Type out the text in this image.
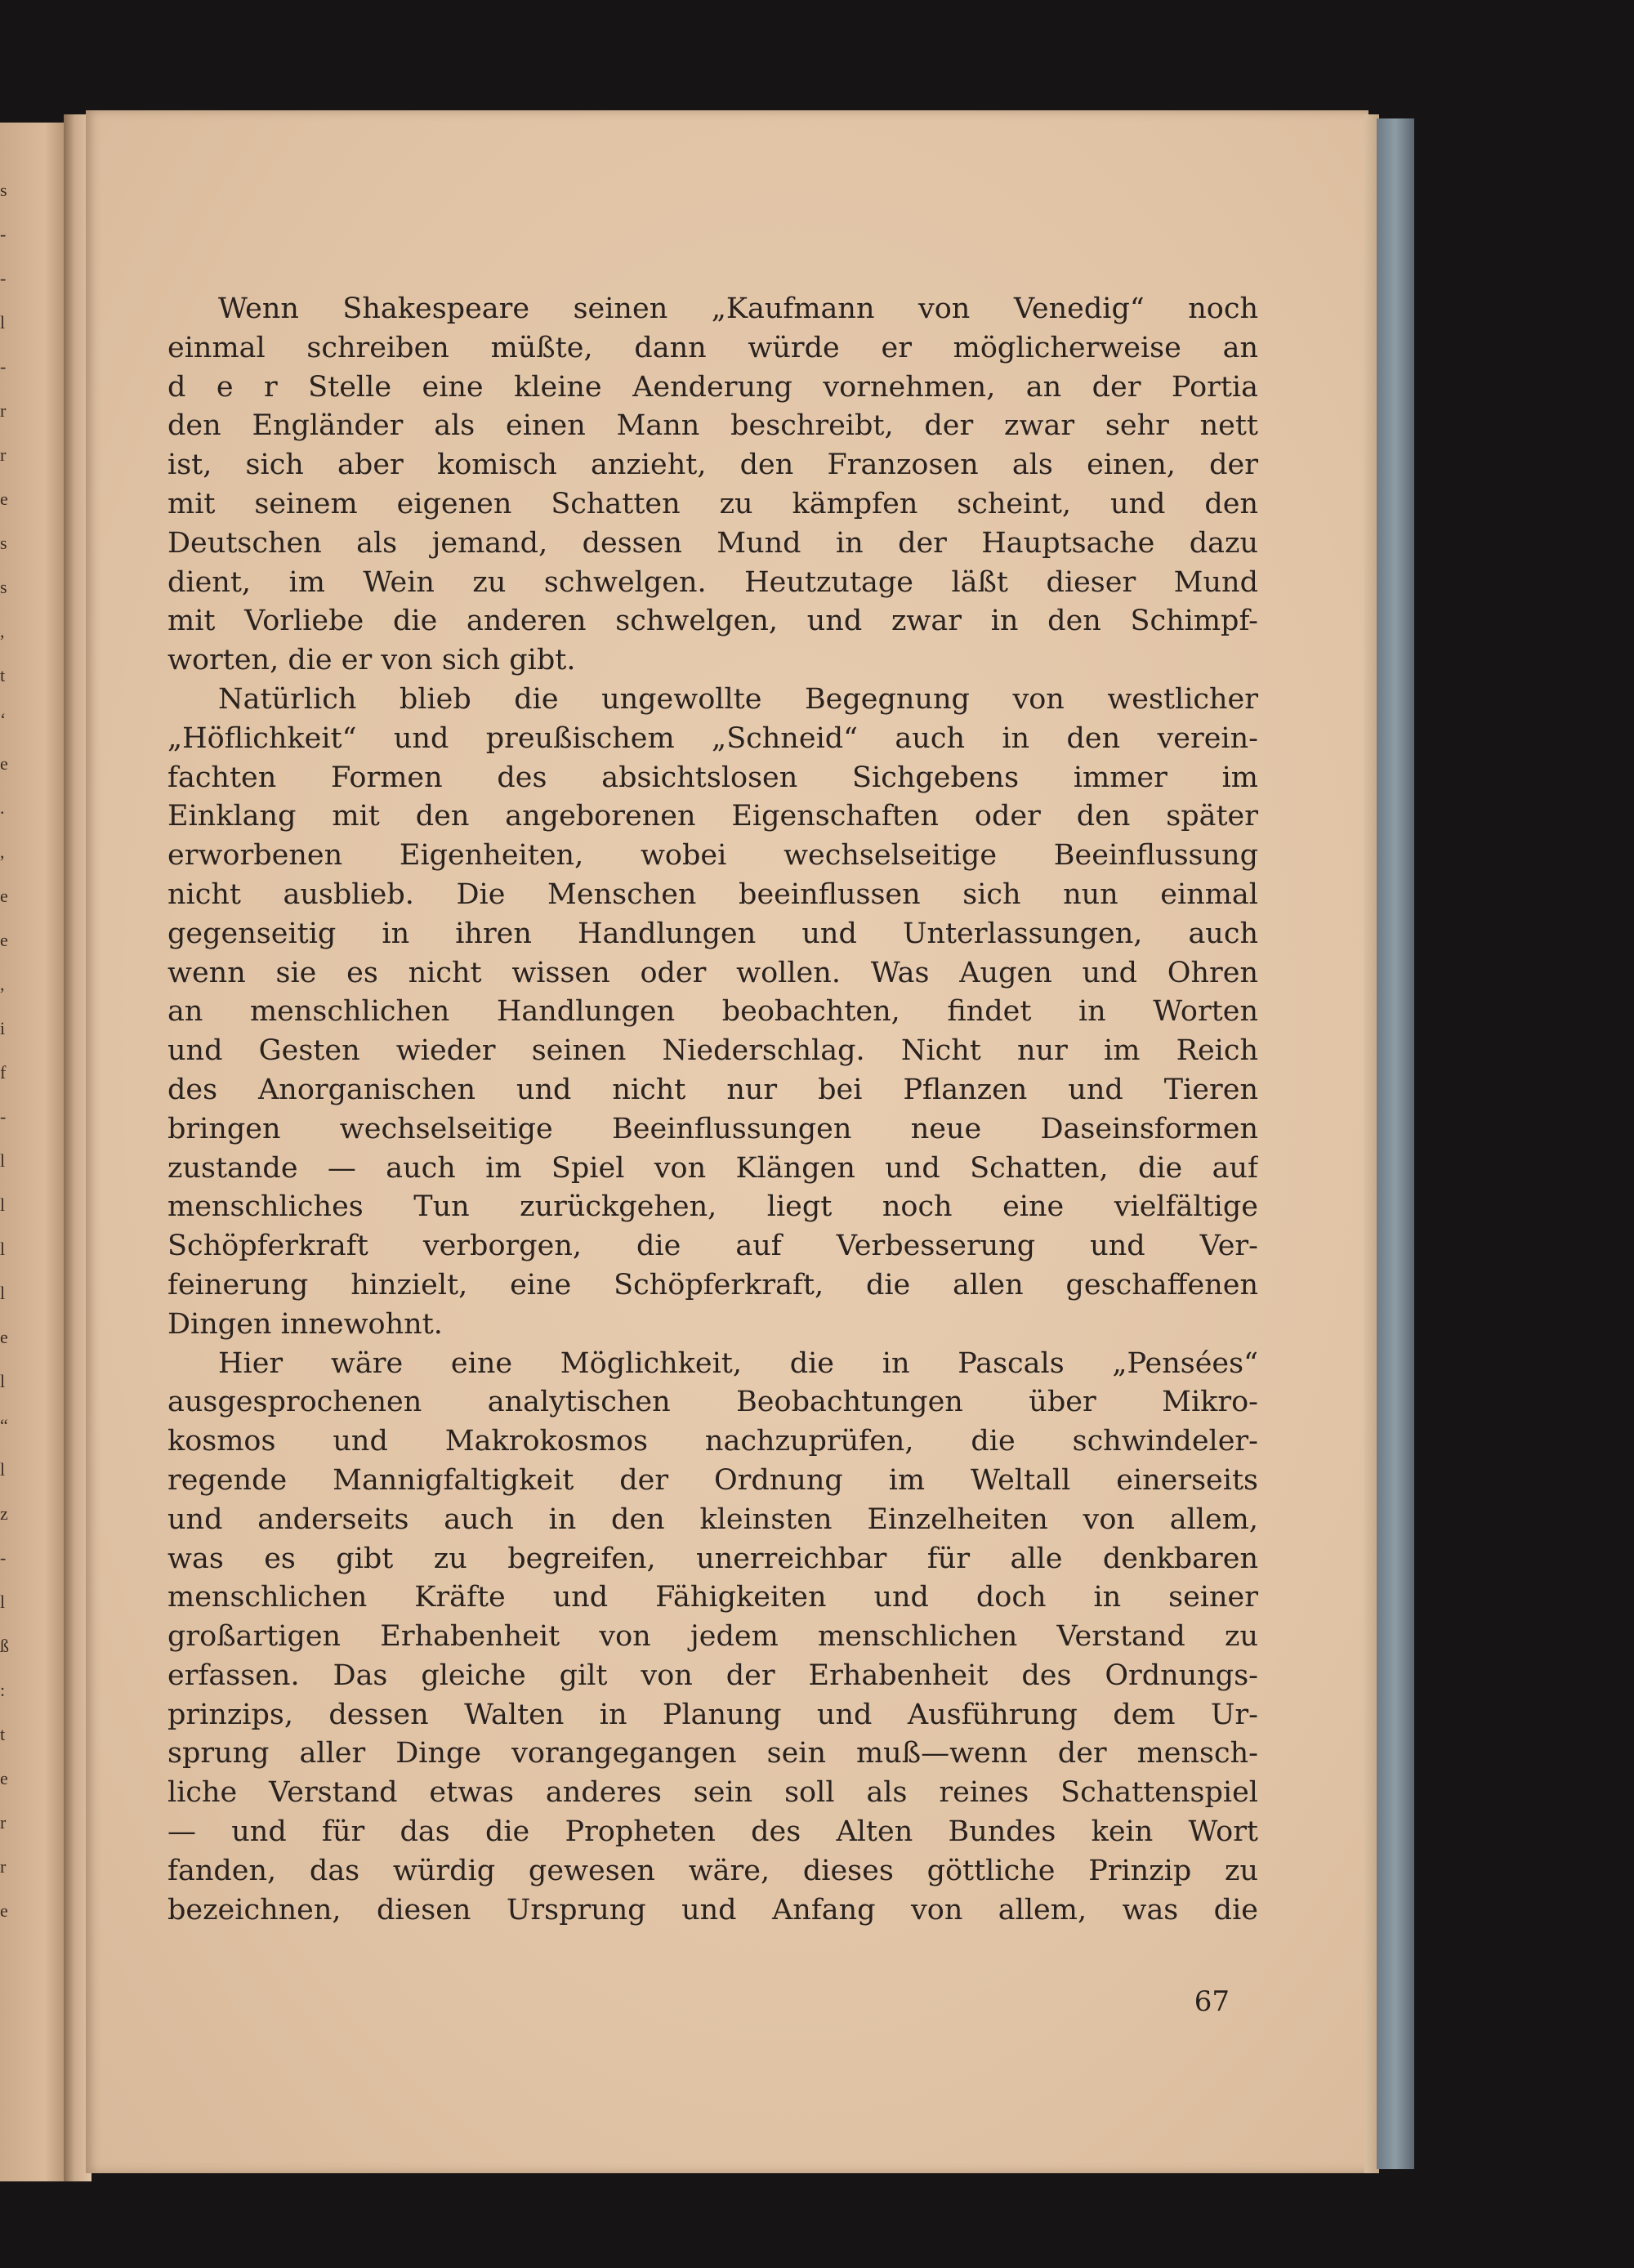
s
-
-
l
-
r
r
e
s
s
,
t
‘
e
.
,
e
e
,
i
f
-
l
l
l
l
e
l
“
l
z
-
l
ß
:
t
e
r
r
e
Wenn Shakespeare seinen „Kaufmann von Venedig“ noch
einmal schreiben müßte, dann würde er möglicherweise an
d e r Stelle eine kleine Aenderung vornehmen, an der Portia
den Engländer als einen Mann beschreibt, der zwar sehr nett
ist, sich aber komisch anzieht, den Franzosen als einen, der
mit seinem eigenen Schatten zu kämpfen scheint, und den
Deutschen als jemand, dessen Mund in der Hauptsache dazu
dient, im Wein zu schwelgen. Heutzutage läßt dieser Mund
mit Vorliebe die anderen schwelgen, und zwar in den Schimpf-
worten, die er von sich gibt.
Natürlich blieb die ungewollte Begegnung von westlicher
„Höflichkeit“ und preußischem „Schneid“ auch in den verein-
fachten Formen des absichtslosen Sichgebens immer im
Einklang mit den angeborenen Eigenschaften oder den später
erworbenen Eigenheiten, wobei wechselseitige Beeinflussung
nicht ausblieb. Die Menschen beeinflussen sich nun einmal
gegenseitig in ihren Handlungen und Unterlassungen, auch
wenn sie es nicht wissen oder wollen. Was Augen und Ohren
an menschlichen Handlungen beobachten, findet in Worten
und Gesten wieder seinen Niederschlag. Nicht nur im Reich
des Anorganischen und nicht nur bei Pflanzen und Tieren
bringen wechselseitige Beeinflussungen neue Daseinsformen
zustande — auch im Spiel von Klängen und Schatten, die auf
menschliches Tun zurückgehen, liegt noch eine vielfältige
Schöpferkraft verborgen, die auf Verbesserung und Ver-
feinerung hinzielt, eine Schöpferkraft, die allen geschaffenen
Dingen innewohnt.
Hier wäre eine Möglichkeit, die in Pascals „Pensées“
ausgesprochenen analytischen Beobachtungen über Mikro-
kosmos und Makrokosmos nachzuprüfen, die schwindeler-
regende Mannigfaltigkeit der Ordnung im Weltall einerseits
und anderseits auch in den kleinsten Einzelheiten von allem,
was es gibt zu begreifen, unerreichbar für alle denkbaren
menschlichen Kräfte und Fähigkeiten und doch in seiner
großartigen Erhabenheit von jedem menschlichen Verstand zu
erfassen. Das gleiche gilt von der Erhabenheit des Ordnungs-
prinzips, dessen Walten in Planung und Ausführung dem Ur-
sprung aller Dinge vorangegangen sein muß—wenn der mensch-
liche Verstand etwas anderes sein soll als reines Schattenspiel
— und für das die Propheten des Alten Bundes kein Wort
fanden, das würdig gewesen wäre, dieses göttliche Prinzip zu
bezeichnen, diesen Ursprung und Anfang von allem, was die
67
